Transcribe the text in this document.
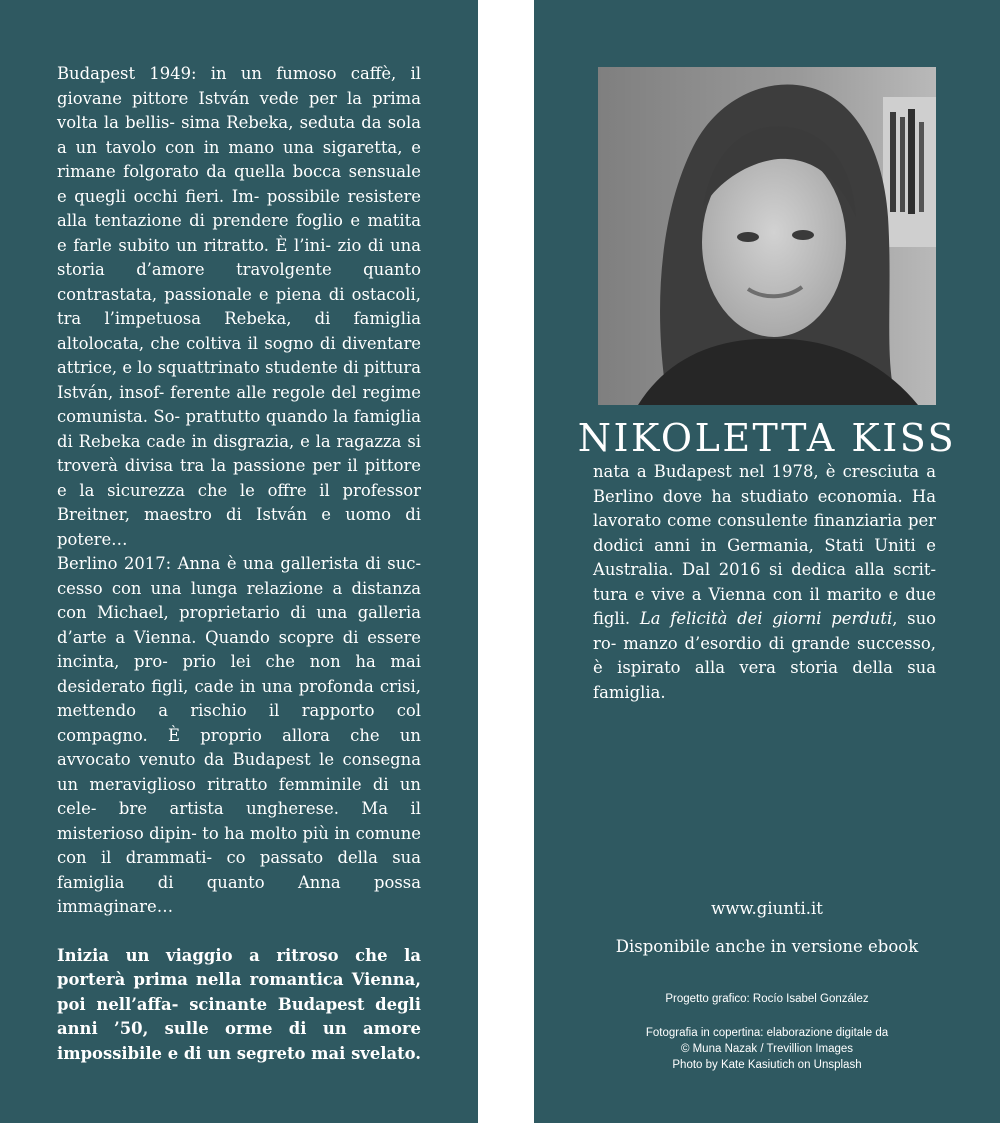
Budapest 1949: in un fumoso caffè, il giovane pittore István vede per la prima volta la bellis- sima Rebeka, seduta da sola a un tavolo con in mano una sigaretta, e rimane folgorato da quella bocca sensuale e quegli occhi fieri. Im- possibile resistere alla tentazione di prendere foglio e matita e farle subito un ritratto. È l’ini- zio di una storia d’amore travolgente quanto contrastata, passionale e piena di ostacoli, tra l’impetuosa Rebeka, di famiglia altolocata, che coltiva il sogno di diventare attrice, e lo squattrinato studente di pittura István, insof- ferente alle regole del regime comunista. So- prattutto quando la famiglia di Rebeka cade in disgrazia, e la ragazza si troverà divisa tra la passione per il pittore e la sicurezza che le offre il professor Breitner, maestro di István e uomo di potere…

Berlino 2017: Anna è una gallerista di suc- cesso con una lunga relazione a distanza con Michael, proprietario di una galleria d’arte a Vienna. Quando scopre di essere incinta, pro- prio lei che non ha mai desiderato figli, cade in una profonda crisi, mettendo a rischio il rapporto col compagno. È proprio allora che un avvocato venuto da Budapest le consegna un meraviglioso ritratto femminile di un cele- bre artista ungherese. Ma il misterioso dipin- to ha molto più in comune con il drammati- co passato della sua famiglia di quanto Anna possa immaginare…

Inizia un viaggio a ritroso che la porterà prima nella romantica Vienna, poi nell’affa- scinante Budapest degli anni ’50, sulle orme di un amore impossibile e di un segreto mai svelato.

NIKOLETTA KISS

nata a Budapest nel 1978, è cresciuta a Berlino dove ha studiato economia. Ha lavorato come consulente finanziaria per dodici anni in Germania, Stati Uniti e Australia. Dal 2016 si dedica alla scrit- tura e vive a Vienna con il marito e due figli. La felicità dei giorni perduti, suo ro- manzo d’esordio di grande successo, è ispirato alla vera storia della sua famiglia.

www.giunti.it
Disponibile anche in versione ebook
Progetto grafico: Rocío Isabel González
Fotografia in copertina: elaborazione digitale da
© Muna Nazak / Trevillion Images
Photo by Kate Kasiutich on Unsplash
